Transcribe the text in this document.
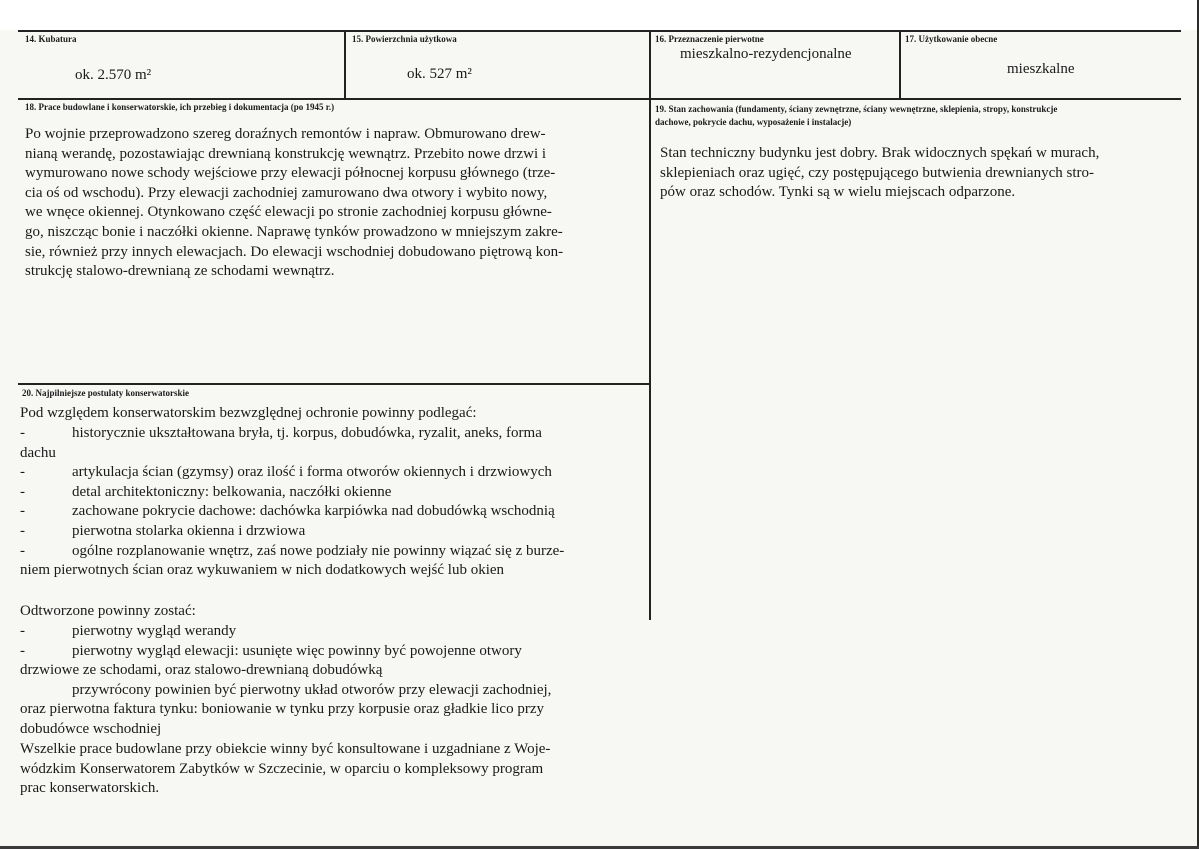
14. Kubatura
ok. 2.570 m²
15. Powierzchnia użytkowa
ok. 527 m²
16. Przeznaczenie pierwotne
mieszkalno-rezydencjonalne
17. Użytkowanie obecne
mieszkalne
18. Prace budowlane i konserwatorskie, ich przebieg i dokumentacja (po 1945 r.)

Po wojnie przeprowadzono szereg doraźnych remontów i napraw. Obmurowano drew-

nianą werandę, pozostawiając drewnianą konstrukcję wewnątrz. Przebito nowe drzwi i

wymurowano nowe schody wejściowe przy elewacji północnej korpusu głównego (trze-

cia oś od wschodu). Przy elewacji zachodniej zamurowano dwa otwory i wybito nowy,

we wnęce okiennej. Otynkowano część elewacji po stronie zachodniej korpusu główne-

go, niszcząc bonie i naczółki okienne. Naprawę tynków prowadzono w mniejszym zakre-

sie, również przy innych elewacjach. Do elewacji wschodniej dobudowano piętrową kon-

strukcję stalowo-drewnianą ze schodami wewnątrz.

19. Stan zachowania (fundamenty, ściany zewnętrzne, ściany wewnętrzne, sklepienia, stropy, konstrukcje
dachowe, pokrycie dachu, wyposażenie i instalacje)

Stan techniczny budynku jest dobry. Brak widocznych spękań w murach,

sklepieniach oraz ugięć, czy postępującego butwienia drewnianych stro-

pów oraz schodów. Tynki są w wielu miejscach odparzone.

20. Najpilniejsze postulaty konserwatorskie
Pod względem konserwatorskim bezwzględnej ochronie powinny podlegać:
-	historycznie ukształtowana bryła, tj. korpus, dobudówka, ryzalit, aneks, forma
dachu
-	artykulacja ścian (gzymsy) oraz ilość i forma otworów okiennych i drzwiowych
-	detal architektoniczny: belkowania, naczółki okienne
-	zachowane pokrycie dachowe: dachówka karpiówka nad dobudówką wschodnią
-	pierwotna stolarka okienna i drzwiowa
-	ogólne rozplanowanie wnętrz, zaś nowe podziały nie powinny wiązać się z burze-
niem pierwotnych ścian oraz wykuwaniem w nich dodatkowych wejść lub okien
Odtworzone powinny zostać:
-	pierwotny wygląd werandy
-	pierwotny wygląd elewacji: usunięte więc powinny być powojenne otwory
drzwiowe ze schodami, oraz stalowo-drewnianą dobudówką
przywrócony powinien być pierwotny układ otworów przy elewacji zachodniej,
oraz pierwotna faktura tynku: boniowanie w tynku przy korpusie oraz gładkie lico przy
dobudówce wschodniej

Wszelkie prace budowlane przy obiekcie winny być konsultowane i uzgadniane z Woje-

wódzkim Konserwatorem Zabytków w Szczecinie, w oparciu o kompleksowy program

prac konserwatorskich.
